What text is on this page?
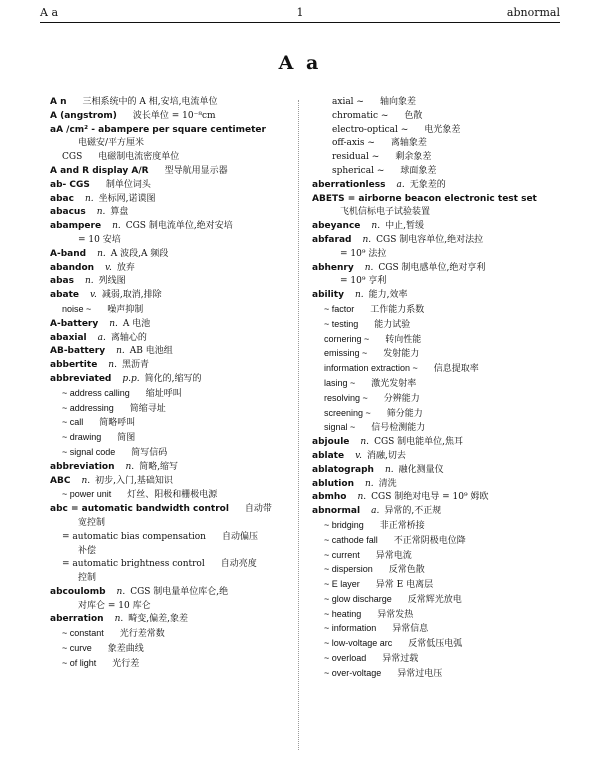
A a	1	abnormal
A a
A n 三相系统中的 A 相,安培,电流单位
A (angstrom) 波长单位 = 10⁻⁸cm
aA /cm² - abampere per square centimeter
电磁安/平方厘米
CGS 电磁制电流密度单位
A and R display A/R 型导航用显示器
ab- CGS 制单位词头
abac n. 坐标网,诺谟图
abacus n. 算盘
abampere n. CGS 制电流单位,绝对安培
= 10 安培
A-band n. A 波段,A 频段
abandon v. 放弃
abas n. 列线图
abate v. 减弱,取消,排除
noise ~ 噪声抑制
A-battery n. A 电池
abaxial a. 离轴心的
AB-battery n. AB 电池组
abbertite n. 黑沥青
abbreviated p.p. 简化的,缩写的
~ address calling 缩址呼叫
~ addressing 简缩寻址
~ call 简略呼叫
~ drawing 简图
~ signal code 简写信码
abbreviation n. 简略,缩写
ABC n. 初步,入门,基础知识
~ power unit 灯丝、阳极和栅极电源
abc = automatic bandwidth control 自动带
宽控制
= automatic bias compensation 自动偏压
补偿
= automatic brightness control 自动亮度
控制
abcoulomb n. CGS 制电量单位库仑,绝
对库仑 = 10 库仑
aberration n. 畸变,偏差,象差
~ constant 光行差常数
~ curve 象差曲线
~ of light 光行差
axial ~ 轴向象差
chromatic ~ 色散
electro-optical ~ 电光象差
off-axis ~ 离轴象差
residual ~ 剩余象差
spherical ~ 球面象差
aberrationless a. 无象差的
ABETS = airborne beacon electronic test set
飞机信标电子试验装置
abeyance n. 中止,暂缓
abfarad n. CGS 制电容单位,绝对法拉
= 10⁹ 法拉
abhenry n. CGS 制电感单位,绝对亨利
= 10⁹ 亨利
ability n. 能力,效率
~ factor 工作能力系数
~ testing 能力试验
cornering ~ 转向性能
emissing ~ 发射能力
information extraction ~ 信息提取率
lasing ~ 激光发射率
resolving ~ 分辨能力
screening ~ 筛分能力
signal ~ 信号检测能力
abjoule n. CGS 制电能单位,焦耳
ablate v. 消融,切去
ablatograph n. 融化测量仪
ablution n. 清洗
abmho n. CGS 制绝对电导 = 10⁹ 姆欧
abnormal a. 异常的,不正规
~ bridging 非正常桥接
~ cathode fall 不正常阴极电位降
~ current 异常电流
~ dispersion 反常色散
~ E layer 异常 E 电离层
~ glow discharge 反常辉光放电
~ heating 异常发热
~ information 异常信息
~ low-voltage arc 反常低压电弧
~ overload 异常过载
~ over-voltage 异常过电压
